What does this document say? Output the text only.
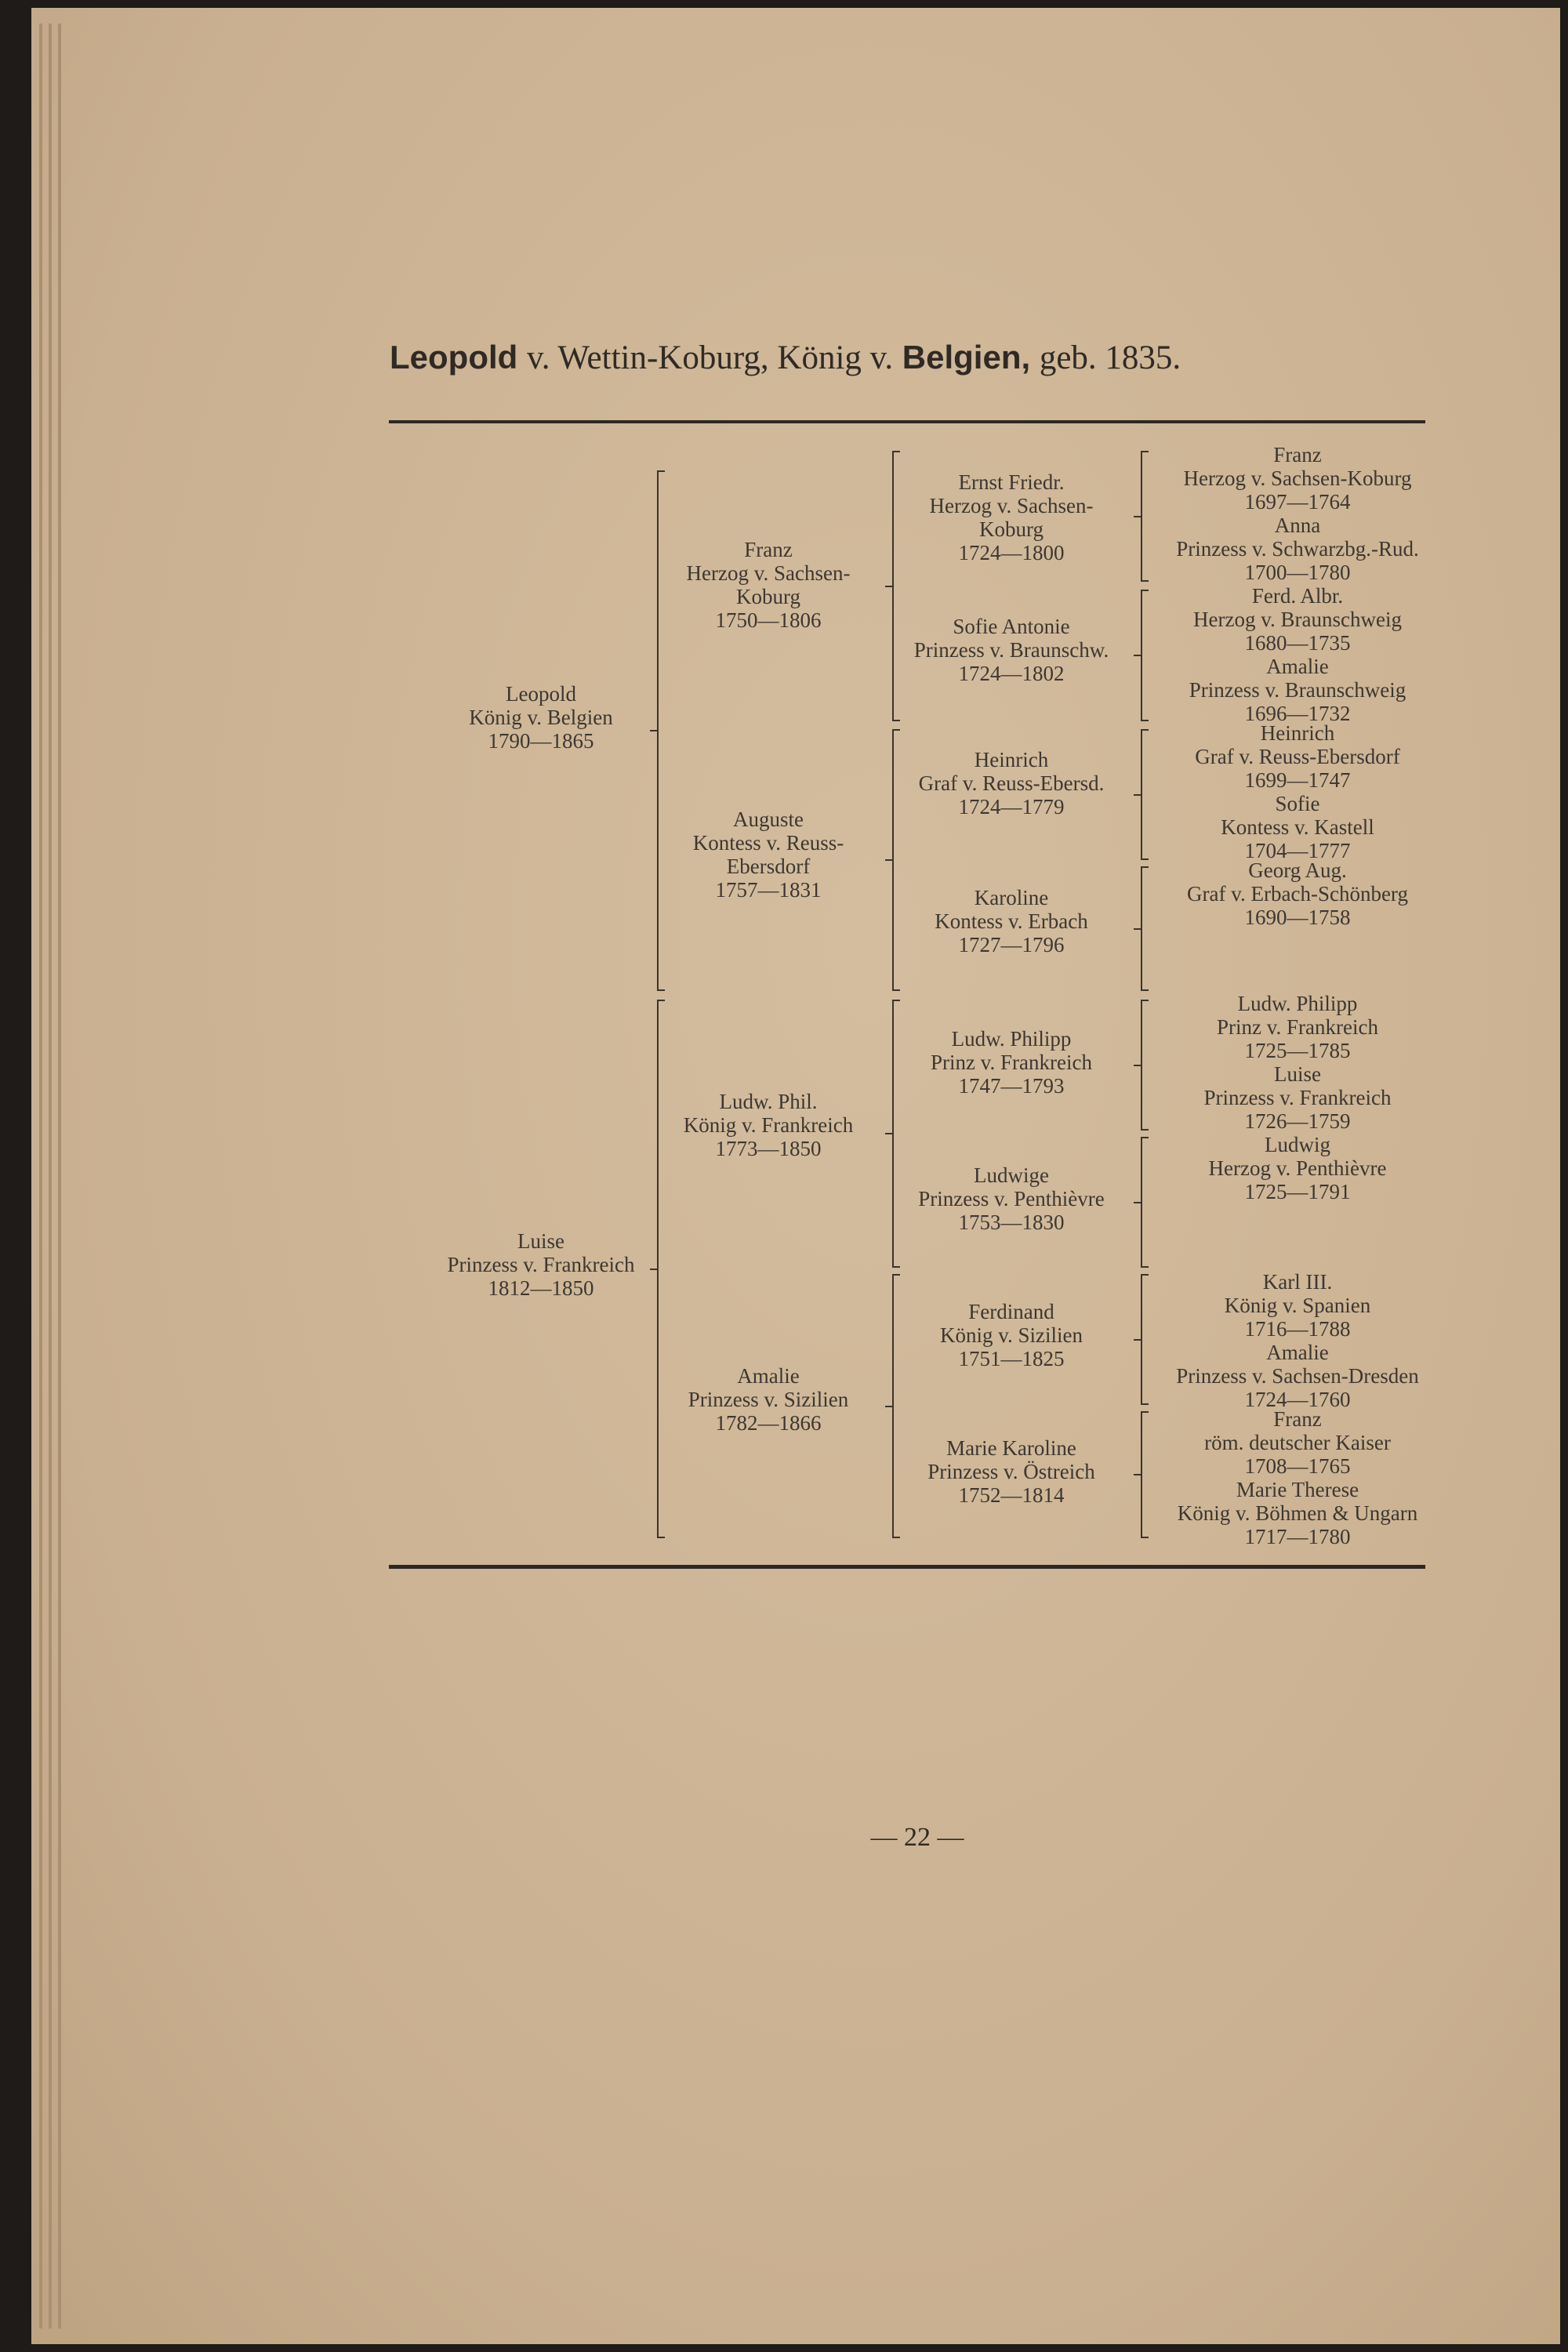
Leopold v. Wettin-Koburg, König v. Belgien, geb. 1835.
Leopold
König v. Belgien
1790—1865
Luise
Prinzess v. Frankreich
1812—1850
Franz
Herzog v. Sachsen-
Koburg
1750—1806
Auguste
Kontess v. Reuss-
Ebersdorf
1757—1831
Ludw. Phil.
König v. Frankreich
1773—1850
Amalie
Prinzess v. Sizilien
1782—1866
Ernst Friedr.
Herzog v. Sachsen-
Koburg
1724—1800
Sofie Antonie
Prinzess v. Braunschw.
1724—1802
Heinrich
Graf v. Reuss-Ebersd.
1724—1779
Karoline
Kontess v. Erbach
1727—1796
Ludw. Philipp
Prinz v. Frankreich
1747—1793
Ludwige
Prinzess v. Penthièvre
1753—1830
Ferdinand
König v. Sizilien
1751—1825
Marie Karoline
Prinzess v. Östreich
1752—1814
Franz
Herzog v. Sachsen-Koburg
1697—1764
Anna
Prinzess v. Schwarzbg.-Rud.
1700—1780
Ferd. Albr.
Herzog v. Braunschweig
1680—1735
Amalie
Prinzess v. Braunschweig
1696—1732
Heinrich
Graf v. Reuss-Ebersdorf
1699—1747
Sofie
Kontess v. Kastell
1704—1777
Georg Aug.
Graf v. Erbach-Schönberg
1690—1758
Ludw. Philipp
Prinz v. Frankreich
1725—1785
Luise
Prinzess v. Frankreich
1726—1759
Ludwig
Herzog v. Penthièvre
1725—1791
Karl III.
König v. Spanien
1716—1788
Amalie
Prinzess v. Sachsen-Dresden
1724—1760
Franz
röm. deutscher Kaiser
1708—1765
Marie Therese
König v. Böhmen & Ungarn
1717—1780
— 22 —
